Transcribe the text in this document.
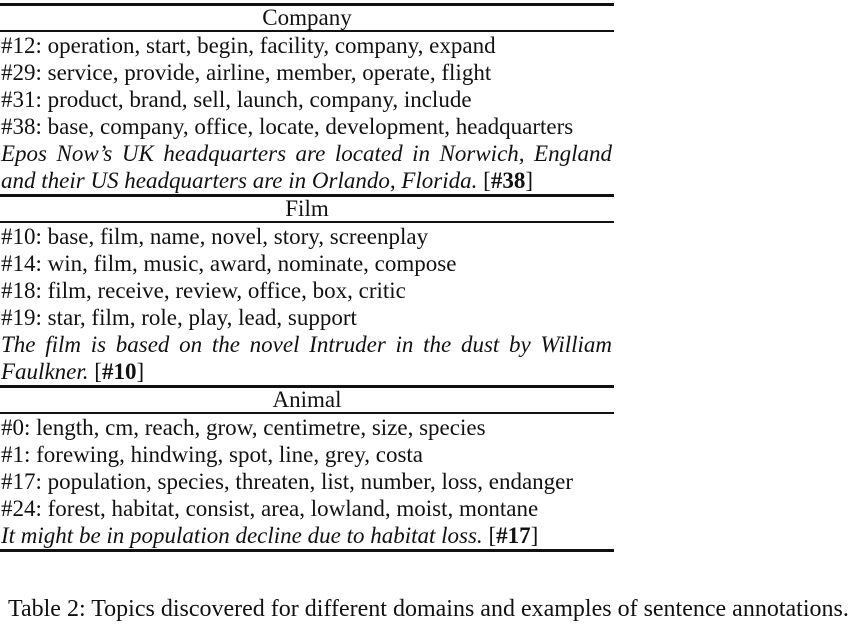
Company
#12: operation, start, begin, facility, company, expand
#29: service, provide, airline, member, operate, flight
#31: product, brand, sell, launch, company, include
#38: base, company, office, locate, development, headquarters
Epos Now’s UK headquarters are located in Norwich, England and their US headquarters are in Orlando, Florida. [#38]
Film
#10: base, film, name, novel, story, screenplay
#14: win, film, music, award, nominate, compose
#18: film, receive, review, office, box, critic
#19: star, film, role, play, lead, support
The film is based on the novel Intruder in the dust by William Faulkner. [#10]
Animal
#0: length, cm, reach, grow, centimetre, size, species
#1: forewing, hindwing, spot, line, grey, costa
#17: population, species, threaten, list, number, loss, endanger
#24: forest, habitat, consist, area, lowland, moist, montane
It might be in population decline due to habitat loss. [#17]
Table 2: Topics discovered for different domains and examples of sentence annotations.
